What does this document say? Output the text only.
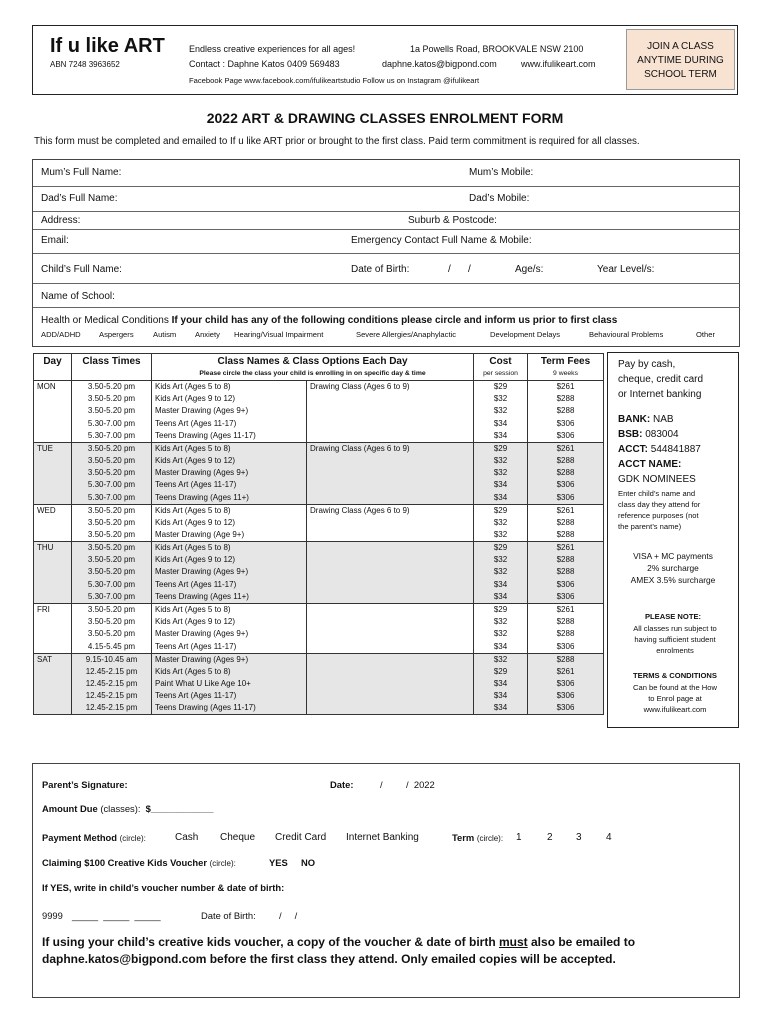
If u like ART
ABN 7248 3963652
Endless creative experiences for all ages!	1a Powells Road, BROOKVALE NSW 2100
Contact : Daphne Katos 0409 569483	daphne.katos@bigpond.com	www.ifulikeart.com
Facebook Page www.facebook.com/ifulikeartstudio Follow us on Instagram @ifulikeart
JOIN A CLASS
ANYTIME DURING
SCHOOL TERM
2022 ART & DRAWING CLASSES ENROLMENT FORM
This form must be completed and emailed to If u like ART prior or brought to the first class. Paid term commitment is required for all classes.
Mum’s Full Name:	Mum’s Mobile:
Dad’s Full Name:	Dad’s Mobile:
Address:	Suburb & Postcode:
Email:	Emergency Contact Full Name & Mobile:
Child’s Full Name:	Date of Birth:	/ /	Age/s:	Year Level/s:
Name of School:
Health or Medical Conditions If your child has any of the following conditions please circle and inform us prior to first class
ADD/ADHD Aspergers	Autism Anxiety Hearing/Visual Impairment	Severe Allergies/Anaphylactic	Development Delays	Behavioural Problems	Other
Day	Class Times	Class Names & Class Options Each Day
Please circle the class your child is enrolling in on specific day & time		Cost
per session	Term Fees
9 weeks

MON	3.50-5.20 pm	Kids Art (Ages 5 to 8)	Drawing Class (Ages 6 to 9)	$29	$261
	3.50-5.20 pm	Kids Art (Ages 9 to 12)		$32	$288
	3.50-5.20 pm	Master Drawing (Ages 9+)		$32	$288
	5.30-7.00 pm	Teens Art (Ages 11-17)		$34	$306
	5.30-7.00 pm	Teens Drawing (Ages 11-17)		$34	$306
TUE	3.50-5.20 pm	Kids Art (Ages 5 to 8)	Drawing Class (Ages 6 to 9)	$29	$261
	3.50-5.20 pm	Kids Art (Ages 9 to 12)		$32	$288
	3.50-5.20 pm	Master Drawing (Ages 9+)		$32	$288
	5.30-7.00 pm	Teens Art (Ages 11-17)		$34	$306
	5.30-7.00 pm	Teens Drawing (Ages 11+)		$34	$306
WED	3.50-5.20 pm	Kids Art (Ages 5 to 8)	Drawing Class (Ages 6 to 9)	$29	$261
	3.50-5.20 pm	Kids Art (Ages 9 to 12)		$32	$288
	3.50-5.20 pm	Master Drawing (Age 9+)		$32	$288
THU	3.50-5.20 pm	Kids Art (Ages 5 to 8)		$29	$261
	3.50-5.20 pm	Kids Art (Ages 9 to 12)		$32	$288
	3.50-5.20 pm	Master Drawing (Ages 9+)		$32	$288
	5.30-7.00 pm	Teens Art (Ages 11-17)		$34	$306
	5.30-7.00 pm	Teens Drawing (Ages 11+)		$34	$306
FRI	3.50-5.20 pm	Kids Art (Ages 5 to 8)		$29	$261
	3.50-5.20 pm	Kids Art (Ages 9 to 12)		$32	$288
	3.50-5.20 pm	Master Drawing (Ages 9+)		$32	$288
	4.15-5.45 pm	Teens Art (Ages 11-17)		$34	$306
SAT	9.15-10.45 am	Master Drawing (Ages 9+)		$32	$288
	12.45-2.15 pm	Kids Art (Ages 5 to 8)		$29	$261
	12.45-2.15 pm	Paint What U Like Age 10+		$34	$306
	12.45-2.15 pm	Teens Art (Ages 11-17)		$34	$306
	12.45-2.15 pm	Teens Drawing (Ages 11-17)		$34	$306
Pay by cash,
cheque, credit card
or Internet banking
BANK: NAB
BSB: 083004
ACCT: 544841887
ACCT NAME:
GDK NOMINEES
Enter child’s name and
class day they attend for
reference purposes (not
the parent’s name)
VISA + MC payments
2% surcharge
AMEX 3.5% surcharge
PLEASE NOTE:
All classes run subject to
having sufficient student
enrolments
TERMS & CONDITIONS
Can be found at the How
to Enrol page at
www.ifulikeart.com
Parent’s Signature:	Date:	/         /  2022
Amount Due (classes): $____________
Payment Method (circle):	Cash Cheque Credit Card Internet Banking	Term (circle): 1	2 3 4
Claiming $100 Creative Kids Voucher (circle):	YES NO
If YES, write in child’s voucher number & date of birth:
9999 _____  _____  _____	Date of Birth: /     /
If using your child’s creative kids voucher, a copy of the voucher & date of birth must also be emailed to daphne.katos@bigpond.com before the first class they attend. Only emailed copies will be accepted.
